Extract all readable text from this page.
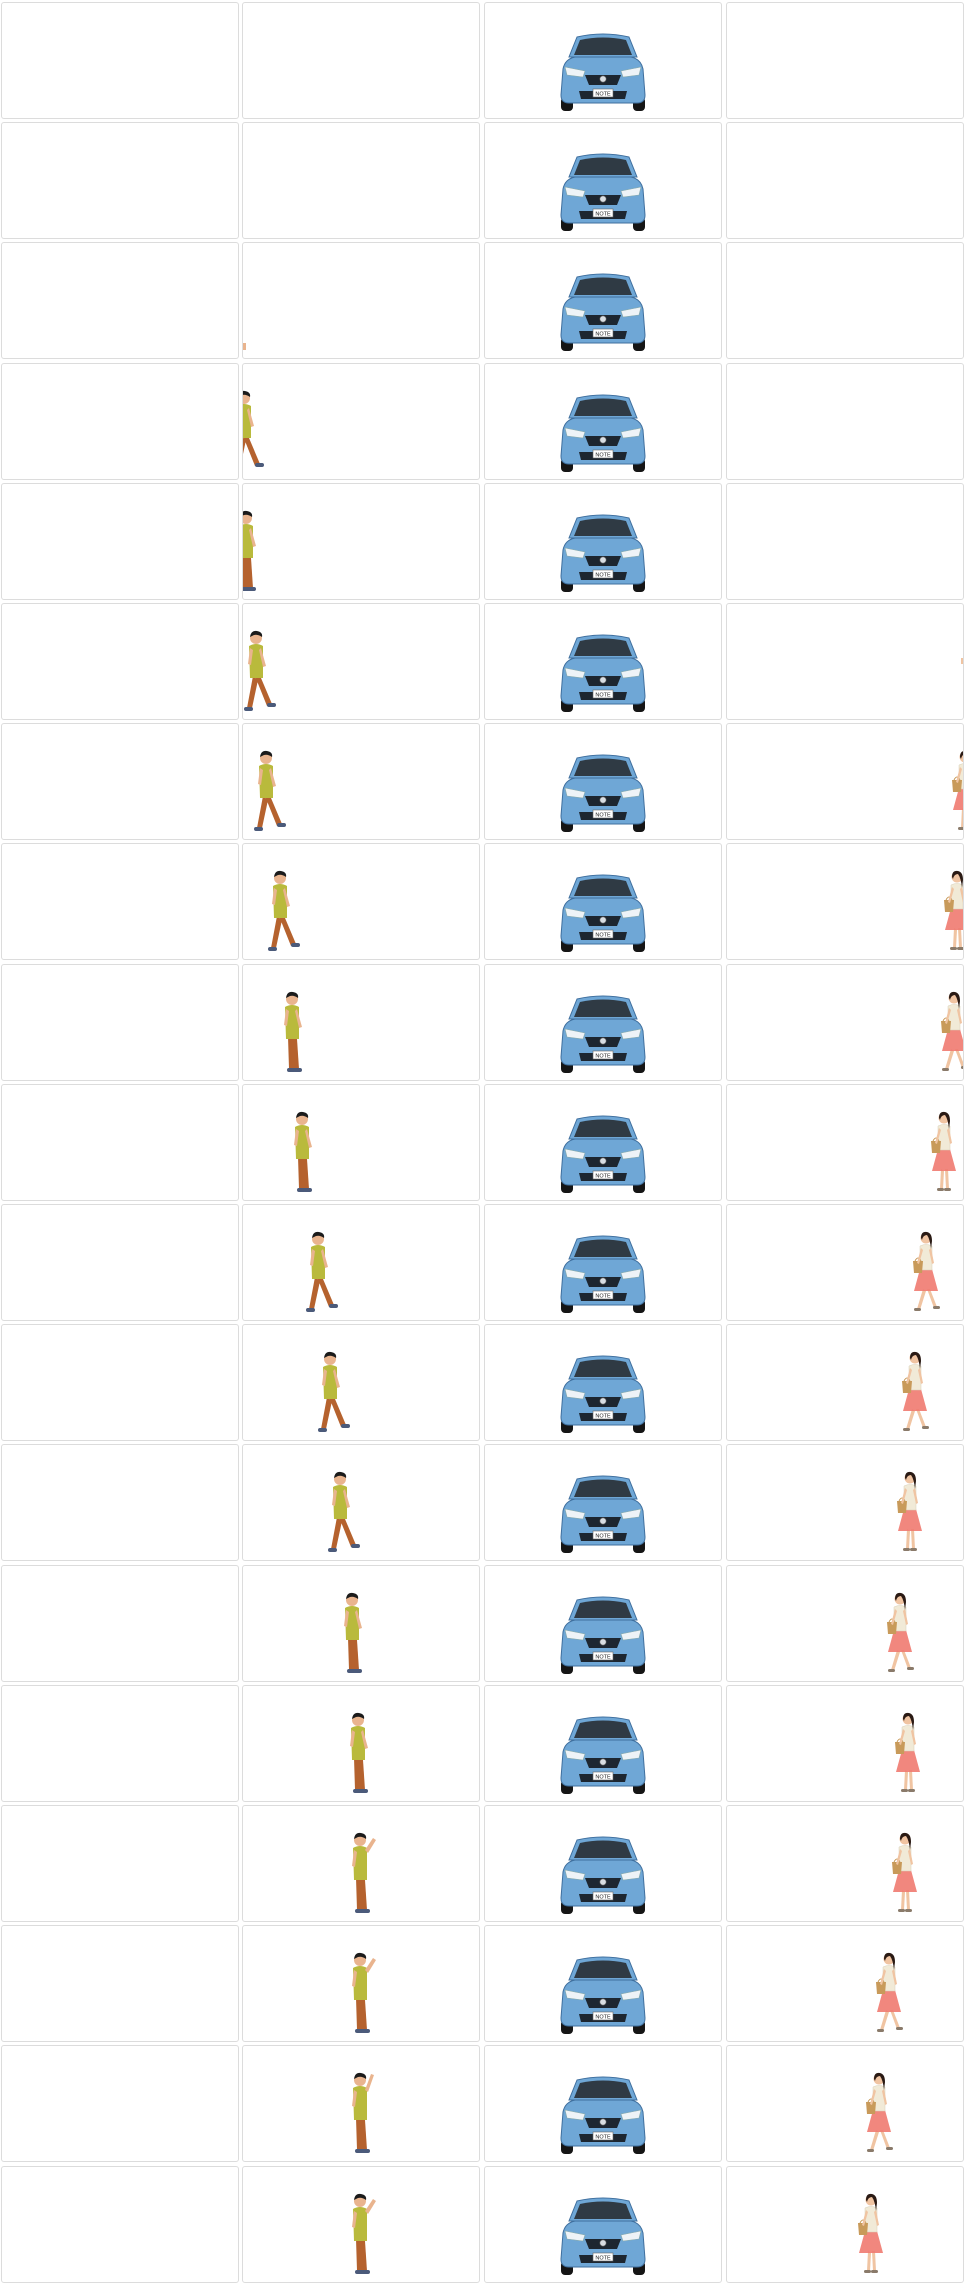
NOTE
NOTE
NOTE
NOTE
NOTE
NOTE
NOTE
NOTE
NOTE
NOTE
NOTE
NOTE
NOTE
NOTE
NOTE
NOTE
NOTE
NOTE
NOTE
